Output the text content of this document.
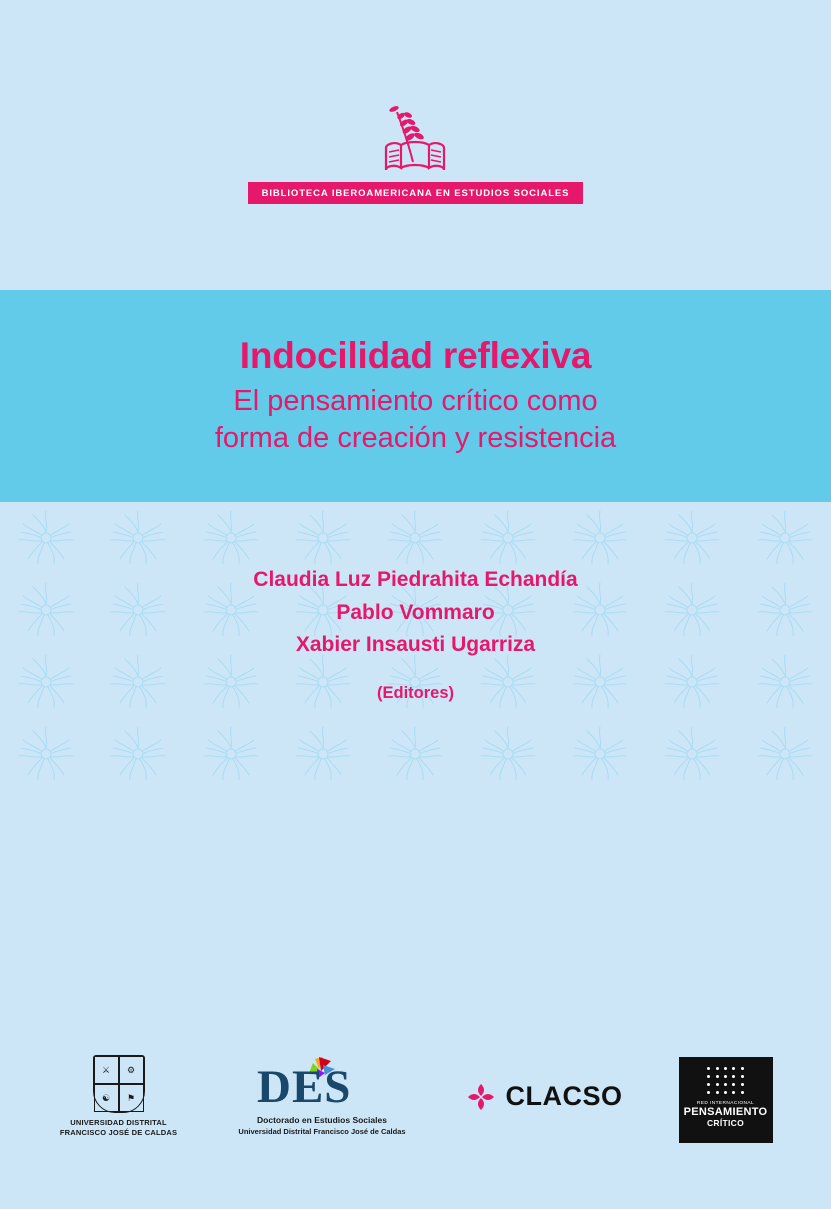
BIBLIOTECA IBEROAMERICANA EN ESTUDIOS SOCIALES
Indocilidad reflexiva
El pensamiento crítico como
forma de creación y resistencia
Claudia Luz Piedrahita Echandía
Pablo Vommaro
Xabier Insausti Ugarriza
(Editores)
⚔	⚙
☯	⚑
UNIVERSIDAD DISTRITAL
FRANCISCO JOSÉ DE CALDAS
DES
Doctorado en Estudios Sociales
Universidad Distrital Francisco José de Caldas
CLACSO	RED INTERNACIONAL
PENSAMIENTO
CRÍTICO
